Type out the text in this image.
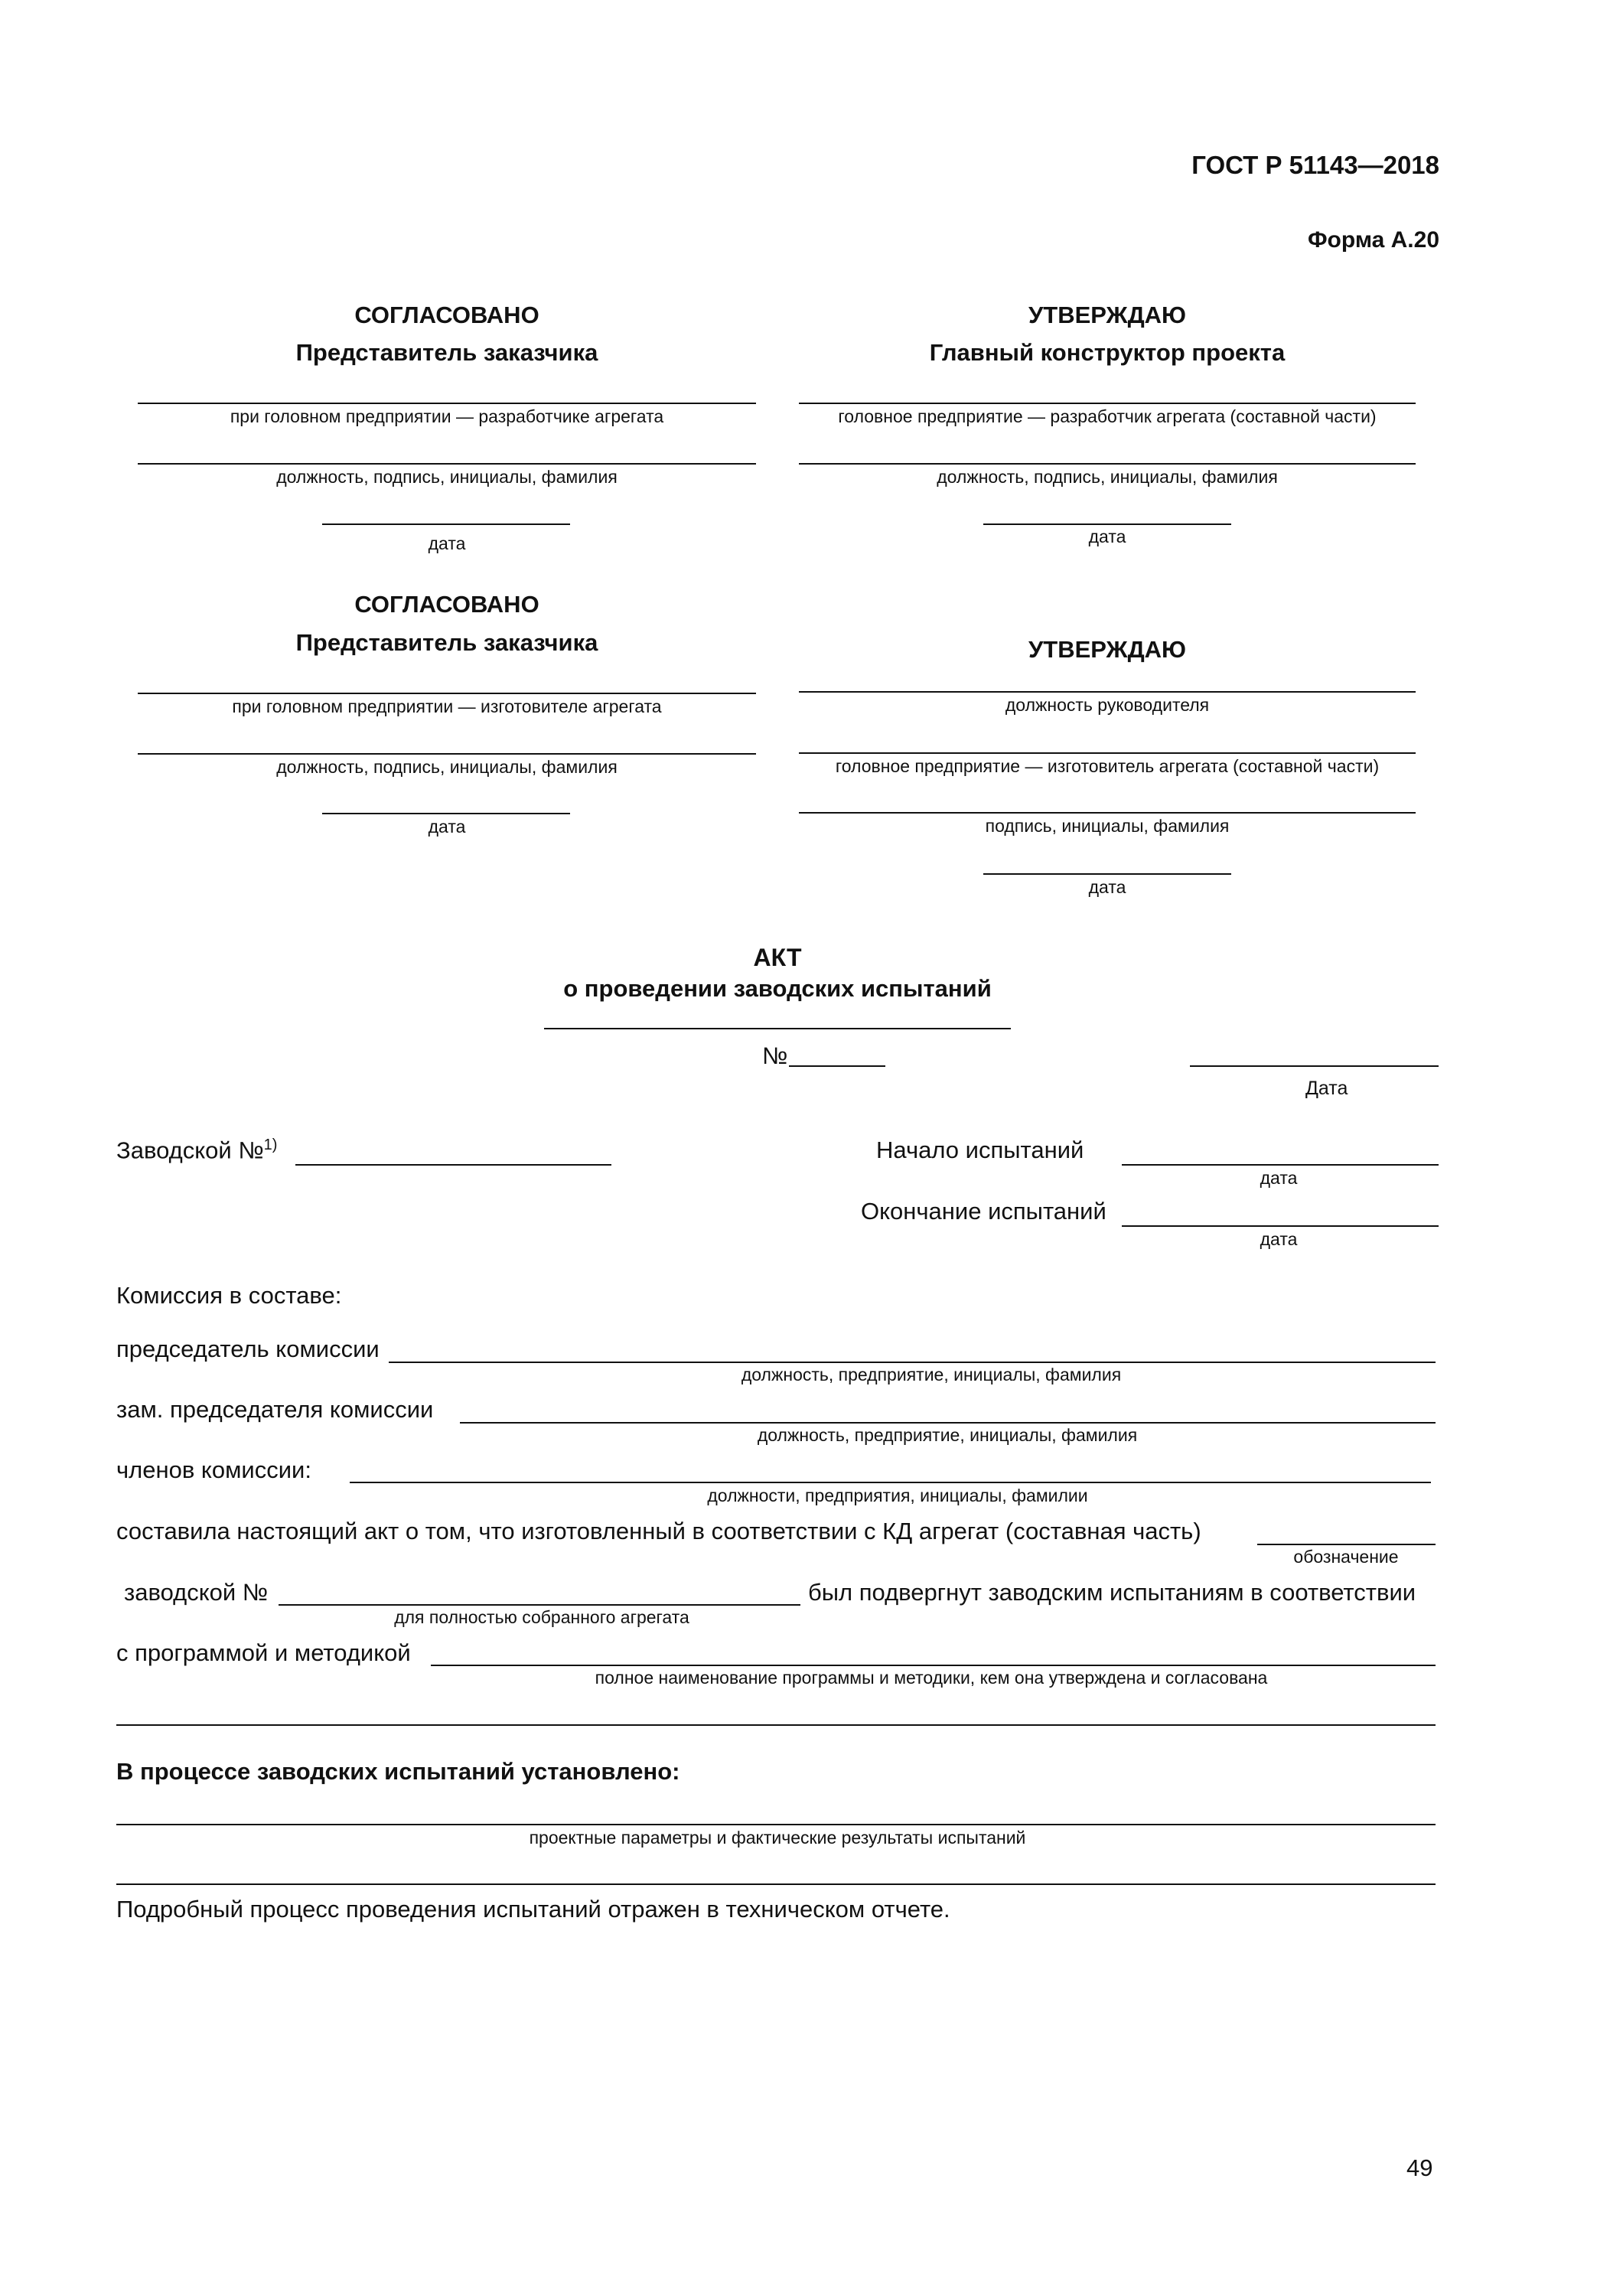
ГОСТ Р 51143—2018
Форма А.20
СОГЛАСОВАНО
Представитель заказчика
при головном предприятии — разработчике агрегата
должность, подпись, инициалы, фамилия
дата
УТВЕРЖДАЮ
Главный конструктор проекта
головное предприятие — разработчик агрегата (составной части)
должность, подпись, инициалы, фамилия
дата
СОГЛАСОВАНО
Представитель заказчика
при головном предприятии — изготовителе агрегата
должность, подпись, инициалы, фамилия
дата
УТВЕРЖДАЮ
должность руководителя
головное предприятие — изготовитель агрегата (составной части)
подпись, инициалы, фамилия
дата
АКТ
о проведении заводских испытаний
№
Дата
Заводской №$^{1)}$	Начало испытаний
дата
Окончание испытаний
дата
Комиссия в составе:
председатель комиссии
должность, предприятие, инициалы, фамилия
зам. председателя комиссии
должность, предприятие, инициалы, фамилия
членов комиссии:
должности, предприятия, инициалы, фамилии
составила настоящий акт о том, что изготовленный в соответствии с КД агрегат (составная часть)
обозначение
заводской №
для полностью собранного агрегата
был подвергнут заводским испытаниям в соответствии
с программой и методикой
полное наименование программы и методики, кем она утверждена и согласована
В процессе заводских испытаний установлено:
проектные параметры и фактические результаты испытаний
Подробный процесс проведения испытаний отражен в техническом отчете.
49
